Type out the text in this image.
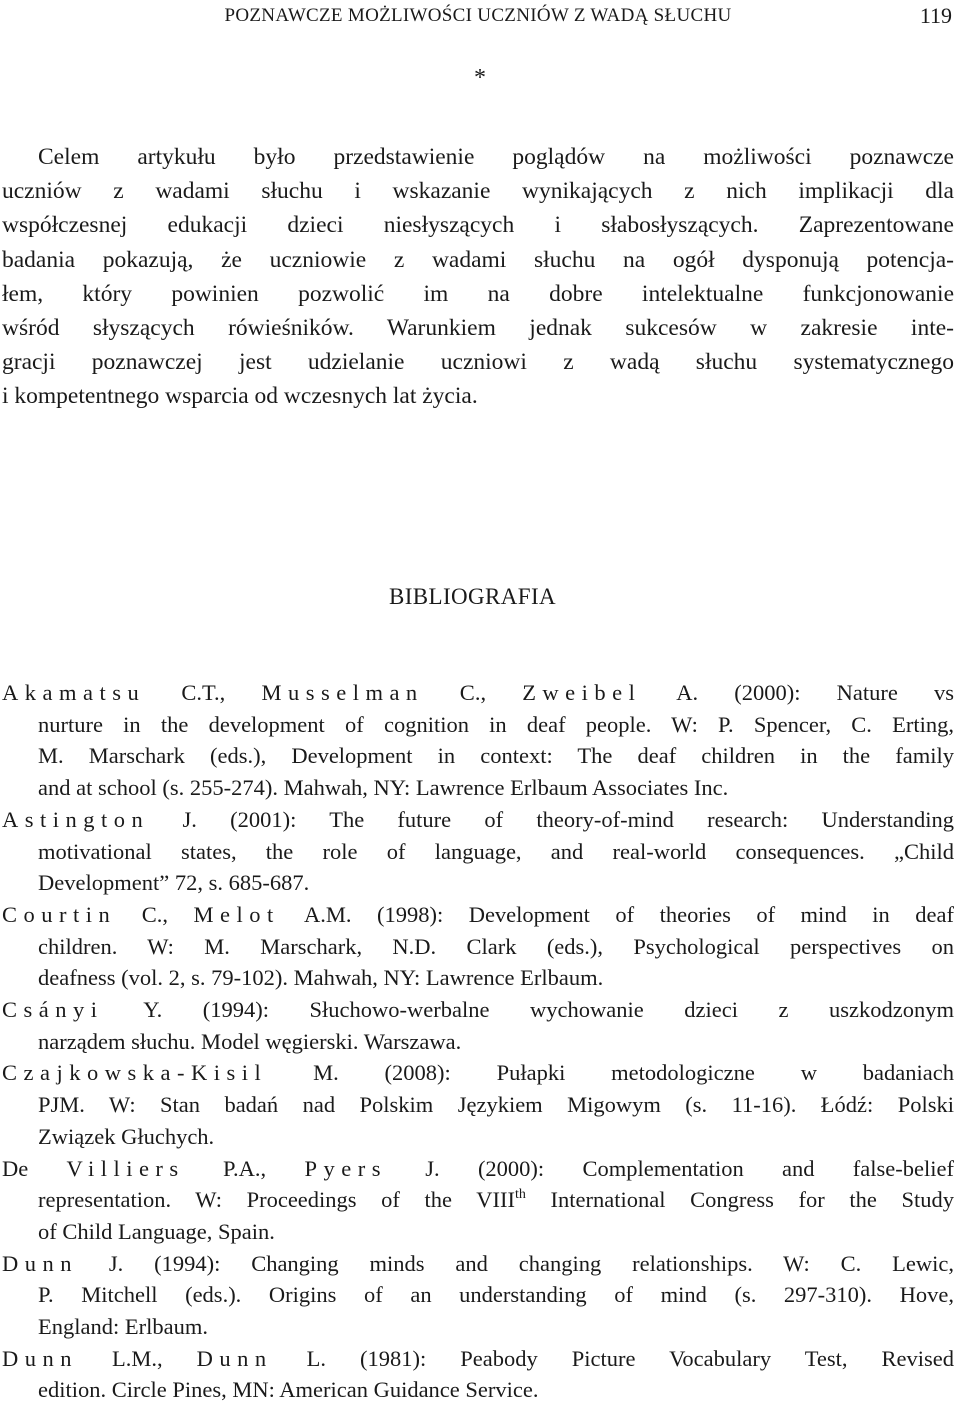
POZNAWCZE MOŻLIWOŚCI UCZNIÓW Z WADĄ SŁUCHU	119
*
Celem artykułu było przedstawienie poglądów na możliwości poznawcze
uczniów z wadami słuchu i wskazanie wynikających z nich implikacji dla
współczesnej edukacji dzieci niesłyszących i słabosłyszących. Zaprezentowane
badania pokazują, że uczniowie z wadami słuchu na ogół dysponują potencja-
łem, który powinien pozwolić im na dobre intelektualne funkcjonowanie
wśród słyszących rówieśników. Warunkiem jednak sukcesów w zakresie inte-
gracji poznawczej jest udzielanie uczniowi z wadą słuchu systematycznego
i kompetentnego wsparcia od wczesnych lat życia.
BIBLIOGRAFIA
Akamatsu C.T., Musselman C., Zweibel A. (2000): Nature vs
nurture in the development of cognition in deaf people. W: P. Spencer, C. Erting,
M. Marschark (eds.), Development in context: The deaf children in the family
and at school (s. 255-274). Mahwah, NY: Lawrence Erlbaum Associates Inc.
Astington J. (2001): The future of theory-of-mind research: Understanding
motivational states, the role of language, and real-world consequences. „Child
Development” 72, s. 685-687.
Courtin C., Melot A.M. (1998): Development of theories of mind in deaf
children. W: M. Marschark, N.D. Clark (eds.), Psychological perspectives on
deafness (vol. 2, s. 79-102). Mahwah, NY: Lawrence Erlbaum.
Csányi Y. (1994): Słuchowo-werbalne wychowanie dzieci z uszkodzonym
narządem słuchu. Model węgierski. Warszawa.
Czajkowska-Kisil M. (2008): Pułapki metodologiczne w badaniach
PJM. W: Stan badań nad Polskim Językiem Migowym (s. 11-16). Łódź: Polski
Związek Głuchych.
De Villiers P.A., Pyers J. (2000): Complementation and false-belief
representation. W: Proceedings of the VIIIth International Congress for the Study
of Child Language, Spain.
Dunn J. (1994): Changing minds and changing relationships. W: C. Lewic,
P. Mitchell (eds.). Origins of an understanding of mind (s. 297-310). Hove,
England: Erlbaum.
Dunn L.M., Dunn L. (1981): Peabody Picture Vocabulary Test, Revised
edition. Circle Pines, MN: American Guidance Service.
